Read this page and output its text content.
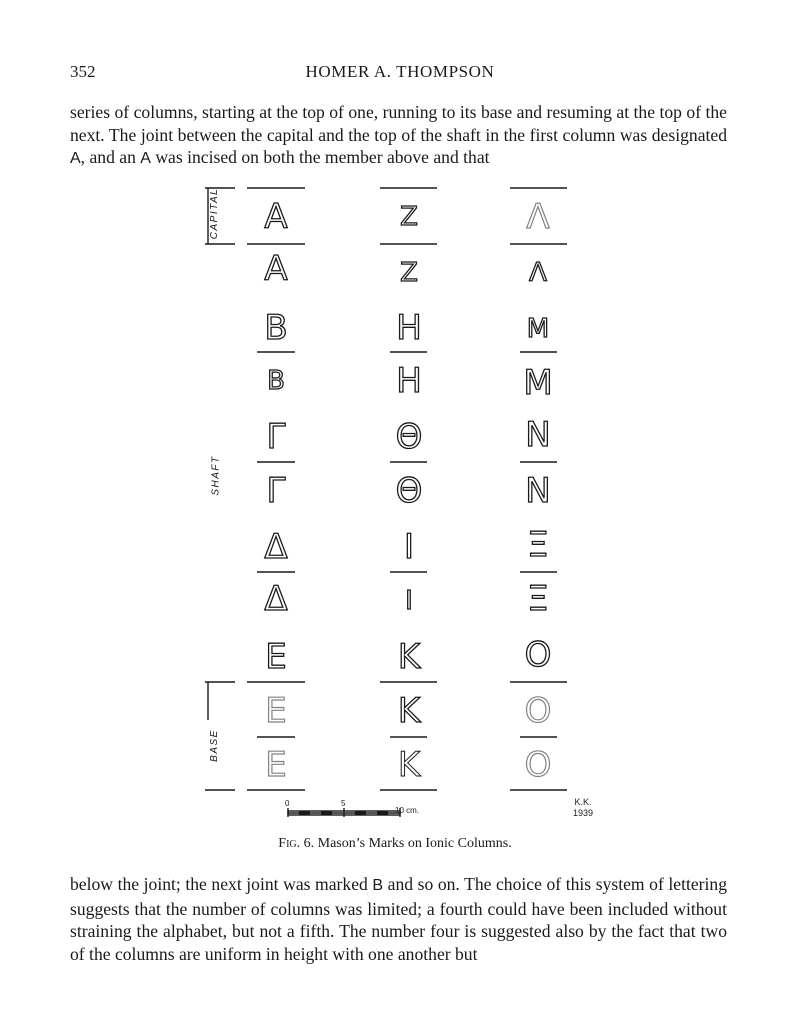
352	HOMER A. THOMPSON

series of columns, starting at the top of one, running to its base and resuming at the top of the next. The joint between the capital and the top of the shaft in the first column was designated A, and an A was incised on both the member above and that

CAPITAL
SHAFT
BASE
A
A
B
B
Γ
Γ
Δ
Δ
E
E
E
Z
Z
H
H
Θ
Θ
I
I
K
K
K
Λ
Λ
M
M
N
N
Ξ
Ξ
O
O
O
0	5
10 cm.
K.K.
1939
Fig. 6. Mason’s Marks on Ionic Columns.

below the joint; the next joint was marked B and so on. The choice of this system of lettering suggests that the number of columns was limited; a fourth could have been included without straining the alphabet, but not a fifth. The number four is suggested also by the fact that two of the columns are uniform in height with one another but
